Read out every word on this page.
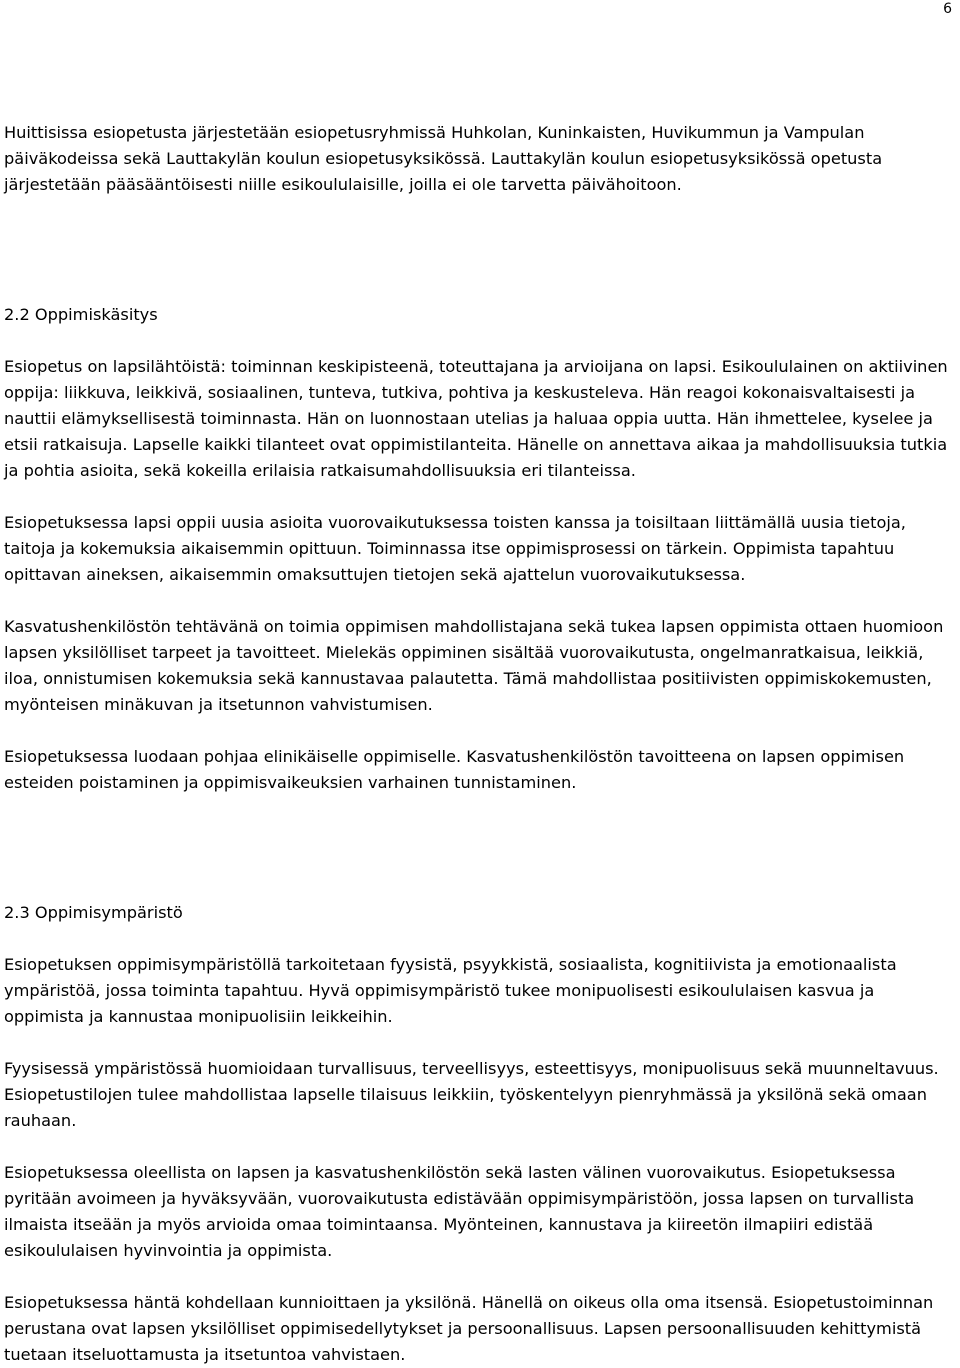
6

Huittisissa esiopetusta järjestetään esiopetusryhmissä Huhkolan, Kuninkaisten, Huvikummun ja Vampulan päiväkodeissa sekä Lauttakylän koulun esiopetusyksikössä. Lauttakylän koulun esiopetusyksikössä opetusta järjestetään pääsääntöisesti niille esikoululaisille, joilla ei ole tarvetta päivähoitoon.

2.2 Oppimiskäsitys

Esiopetus on lapsilähtöistä: toiminnan keskipisteenä, toteuttajana ja arvioijana on lapsi. Esikoululainen on aktiivinen oppija: liikkuva, leikkivä, sosiaalinen, tunteva, tutkiva, pohtiva ja keskusteleva. Hän reagoi kokonaisvaltaisesti ja nauttii elämyksellisestä toiminnasta. Hän on luonnostaan utelias ja haluaa oppia uutta. Hän ihmettelee, kyselee ja etsii ratkaisuja. Lapselle kaikki tilanteet ovat oppimistilanteita. Hänelle on annettava aikaa ja mahdollisuuksia tutkia ja pohtia asioita, sekä kokeilla erilaisia ratkaisumahdollisuuksia eri tilanteissa.

Esiopetuksessa lapsi oppii uusia asioita vuorovaikutuksessa toisten kanssa ja toisiltaan liittämällä uusia tietoja, taitoja ja kokemuksia aikaisemmin opittuun. Toiminnassa itse oppimisprosessi on tärkein. Oppimista tapahtuu opittavan aineksen, aikaisemmin omaksuttujen tietojen sekä ajattelun vuorovaikutuksessa.

Kasvatushenkilöstön tehtävänä on toimia oppimisen mahdollistajana sekä tukea lapsen oppimista ottaen huomioon lapsen yksilölliset tarpeet ja tavoitteet. Mielekäs oppiminen sisältää vuorovaikutusta, ongelmanratkaisua, leikkiä, iloa, onnistumisen kokemuksia sekä kannustavaa palautetta. Tämä mahdollistaa positiivisten oppimiskokemusten, myönteisen minäkuvan ja itsetunnon vahvistumisen.

Esiopetuksessa luodaan pohjaa elinikäiselle oppimiselle. Kasvatushenkilöstön tavoitteena on lapsen oppimisen esteiden poistaminen ja oppimisvaikeuksien varhainen tunnistaminen.

2.3 Oppimisympäristö

Esiopetuksen oppimisympäristöllä tarkoitetaan fyysistä, psyykkistä, sosiaalista, kognitiivista ja emotionaalista ympäristöä, jossa toiminta tapahtuu. Hyvä oppimisympäristö tukee monipuolisesti esikoululaisen kasvua ja oppimista ja kannustaa monipuolisiin leikkeihin.

Fyysisessä ympäristössä huomioidaan turvallisuus, terveellisyys, esteettisyys, monipuolisuus sekä muunneltavuus. Esiopetustilojen tulee mahdollistaa lapselle tilaisuus leikkiin, työskentelyyn pienryhmässä ja yksilönä sekä omaan rauhaan.

Esiopetuksessa oleellista on lapsen ja kasvatushenkilöstön sekä lasten välinen vuorovaikutus. Esiopetuksessa pyritään avoimeen ja hyväksyvään, vuorovaikutusta edistävään oppimisympäristöön, jossa lapsen on turvallista ilmaista itseään ja myös arvioida omaa toimintaansa. Myönteinen, kannustava ja kiireetön ilmapiiri edistää esikoululaisen hyvinvointia ja oppimista.

Esiopetuksessa häntä kohdellaan kunnioittaen ja yksilönä. Hänellä on oikeus olla oma itsensä. Esiopetustoiminnan perustana ovat lapsen yksilölliset oppimisedellytykset ja persoonallisuus. Lapsen persoonallisuuden kehittymistä tuetaan itseluottamusta ja itsetuntoa vahvistaen.
